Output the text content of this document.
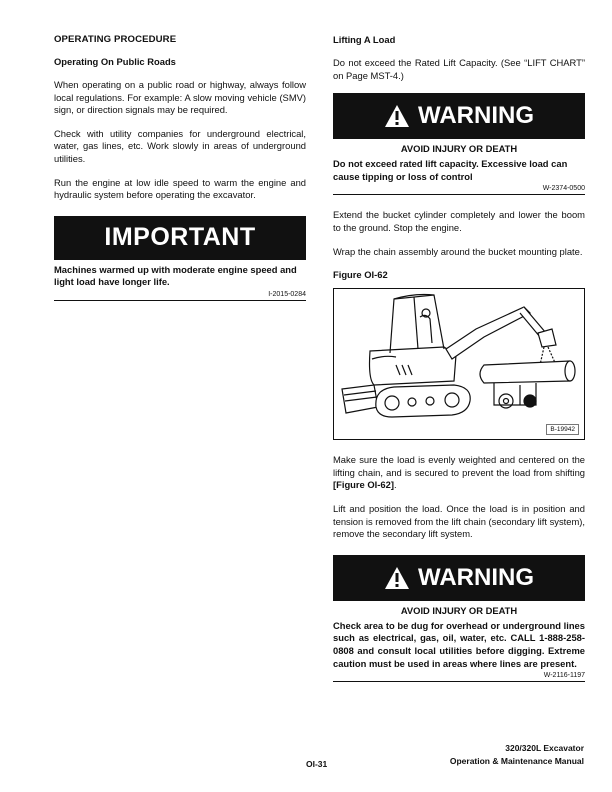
OPERATING PROCEDURE
Operating On Public Roads

When operating on a public road or highway, always follow local regulations. For example: A slow moving vehicle (SMV) sign, or direction signals may be required.

Check with utility companies for underground electrical, water, gas lines, etc. Work slowly in areas of underground utilities.

Run the engine at low idle speed to warm the engine and hydraulic system before operating the excavator.

IMPORTANT
Machines warmed up with moderate engine speed and light load have longer life.
I-2015-0284
Lifting A Load

Do not exceed the Rated Lift Capacity. (See “LIFT CHART” on Page MST-4.)

WARNING
AVOID INJURY OR DEATH
Do not exceed rated lift capacity. Excessive load can cause tipping or loss of control
W-2374-0500

Extend the bucket cylinder completely and lower the boom to the ground. Stop the engine.

Wrap the chain assembly around the bucket mounting plate.

Figure OI-62
B-19942

Make sure the load is evenly weighted and centered on the lifting chain, and is secured to prevent the load from shifting [Figure OI-62].

Lift and position the load. Once the load is in position and tension is removed from the lift chain (secondary lift system), remove the secondary lift system.

WARNING
AVOID INJURY OR DEATH
Check area to be dug for overhead or underground lines such as electrical, gas, oil, water, etc. CALL 1-888-258-0808 and consult local utilities before digging. Extreme caution must be used in areas where lines are present.
W-2116-1197
OI-31
320/320L Excavator
Operation & Maintenance Manual
